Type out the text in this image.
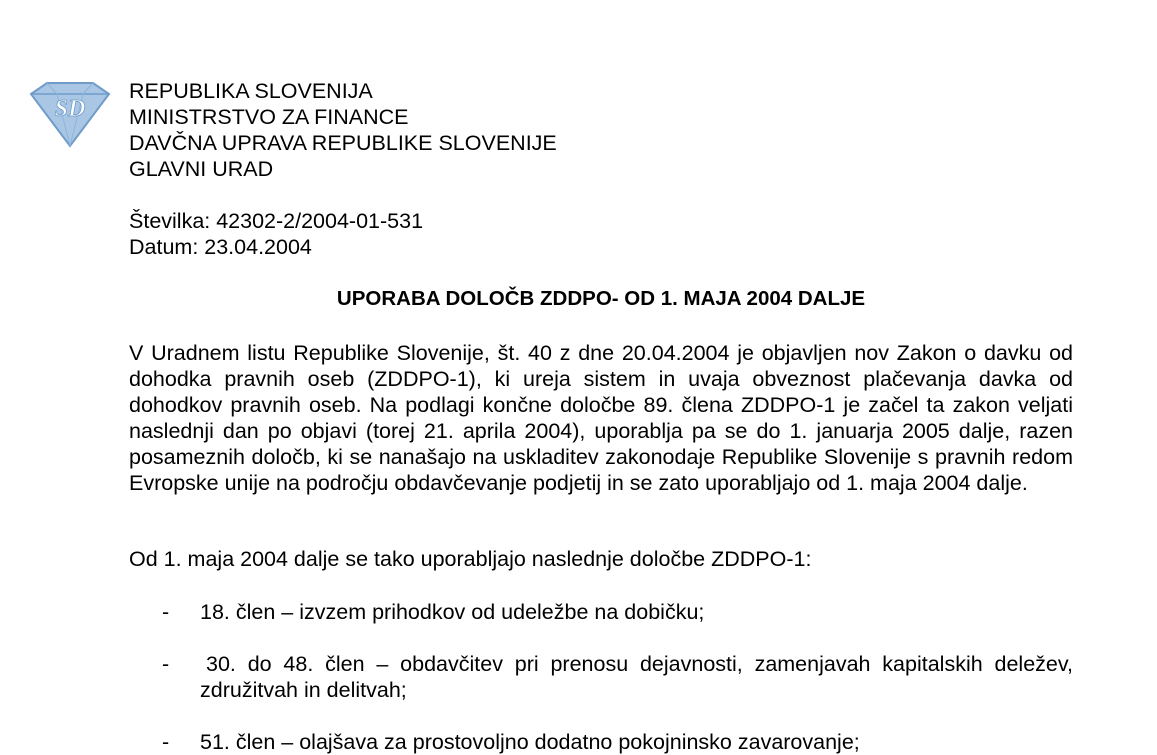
SD
REPUBLIKA SLOVENIJA
MINISTRSTVO ZA FINANCE
DAVČNA UPRAVA REPUBLIKE SLOVENIJE
GLAVNI URAD
Številka: 42302-2/2004-01-531
Datum: 23.04.2004
UPORABA DOLOČB ZDDPO- OD 1. MAJA 2004 DALJE

V Uradnem listu Republike Slovenije, št. 40 z dne 20.04.2004 je objavljen nov Zakon o davku od dohodka pravnih oseb (ZDDPO-1), ki ureja sistem in uvaja obveznost plačevanja davka od dohodkov pravnih oseb. Na podlagi končne določbe 89. člena ZDDPO-1 je začel ta zakon veljati naslednji dan po objavi (torej 21. aprila 2004), uporablja pa se do 1. januarja 2005 dalje, razen posameznih določb, ki se nanašajo na uskladitev zakonodaje Republike Slovenije s pravnih redom Evropske unije na področju obdavčevanje podjetij in se zato uporabljajo od 1. maja 2004 dalje.

Od 1. maja 2004 dalje se tako uporabljajo naslednje določbe ZDDPO-1:
- 18. člen – izvzem prihodkov od udeležbe na dobičku;
- 30. do 48. člen – obdavčitev pri prenosu dejavnosti, zamenjavah kapitalskih deležev, združitvah in delitvah;
- 51. člen – olajšava za prostovoljno dodatno pokojninsko zavarovanje;
